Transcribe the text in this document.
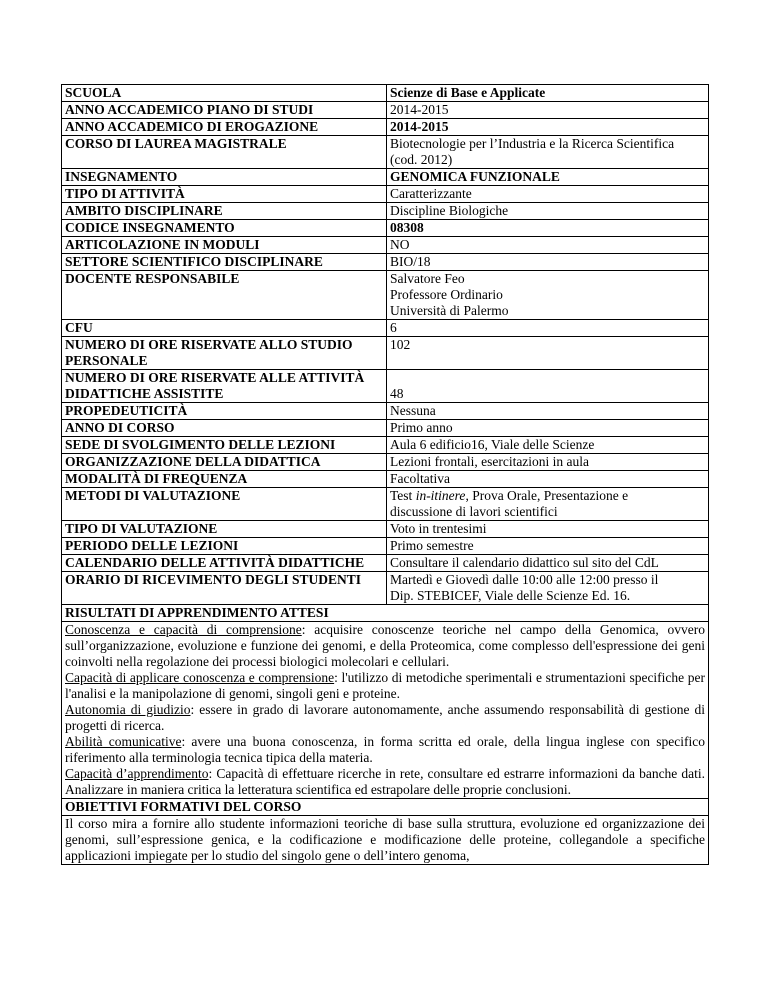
SCUOLA	Scienze di Base e Applicate

ANNO ACCADEMICO PIANO DI STUDI	2014-2015

ANNO ACCADEMICO DI EROGAZIONE	2014-2015

CORSO DI LAUREA MAGISTRALE	Biotecnologie per l’Industria e la Ricerca Scientifica
(cod. 2012)

INSEGNAMENTO	GENOMICA FUNZIONALE

TIPO DI ATTIVITÀ	Caratterizzante

AMBITO DISCIPLINARE	Discipline Biologiche

CODICE INSEGNAMENTO	08308

ARTICOLAZIONE IN MODULI	NO

SETTORE SCIENTIFICO DISCIPLINARE	BIO/18

DOCENTE RESPONSABILE	Salvatore Feo
Professore Ordinario
Università di Palermo

CFU	6

NUMERO DI ORE RISERVATE ALLO STUDIO PERSONALE	102

NUMERO DI ORE RISERVATE ALLE ATTIVITÀ DIDATTICHE ASSISTITE	48

PROPEDEUTICITÀ	Nessuna

ANNO DI CORSO	Primo anno

SEDE DI SVOLGIMENTO DELLE LEZIONI	Aula 6 edificio16, Viale delle Scienze

ORGANIZZAZIONE DELLA DIDATTICA	Lezioni frontali, esercitazioni in aula

MODALITÀ DI FREQUENZA	Facoltativa

METODI DI VALUTAZIONE	Test in-itinere, Prova Orale, Presentazione e
discussione di lavori scientifici

TIPO DI VALUTAZIONE	Voto in trentesimi

PERIODO DELLE LEZIONI	Primo semestre

CALENDARIO DELLE ATTIVITÀ DIDATTICHE	Consultare il calendario didattico sul sito del CdL

ORARIO DI RICEVIMENTO DEGLI STUDENTI	Martedì e Giovedì dalle 10:00 alle 12:00 presso il
Dip. STEBICEF, Viale delle Scienze Ed. 16.

RISULTATI DI APPRENDIMENTO ATTESI	

Conoscenza e capacità di comprensione: acquisire conoscenze teoriche nel campo della Genomica, ovvero sull’organizzazione, evoluzione e funzione dei genomi, e della Proteomica, come complesso dell'espressione dei geni coinvolti nella regolazione dei processi biologici molecolari e cellulari.
Capacità di applicare conoscenza e comprensione: l'utilizzo di metodiche sperimentali e strumentazioni specifiche per l'analisi e la manipolazione di genomi, singoli geni e proteine.
Autonomia di giudizio: essere in grado di lavorare autonomamente, anche assumendo responsabilità di gestione di progetti di ricerca.
Abilità comunicative: avere una buona conoscenza, in forma scritta ed orale, della lingua inglese con specifico riferimento alla terminologia tecnica tipica della materia.
Capacità d’apprendimento: Capacità di effettuare ricerche in rete, consultare ed estrarre informazioni da banche dati. Analizzare in maniera critica la letteratura scientifica ed estrapolare delle proprie conclusioni.	

OBIETTIVI FORMATIVI DEL CORSO	
Il corso mira a fornire allo studente informazioni teoriche di base sulla struttura, evoluzione ed organizzazione dei genomi, sull’espressione genica, e la codificazione e modificazione delle proteine, collegandole a specifiche applicazioni impiegate per lo studio del singolo gene o dell’intero genoma,	
